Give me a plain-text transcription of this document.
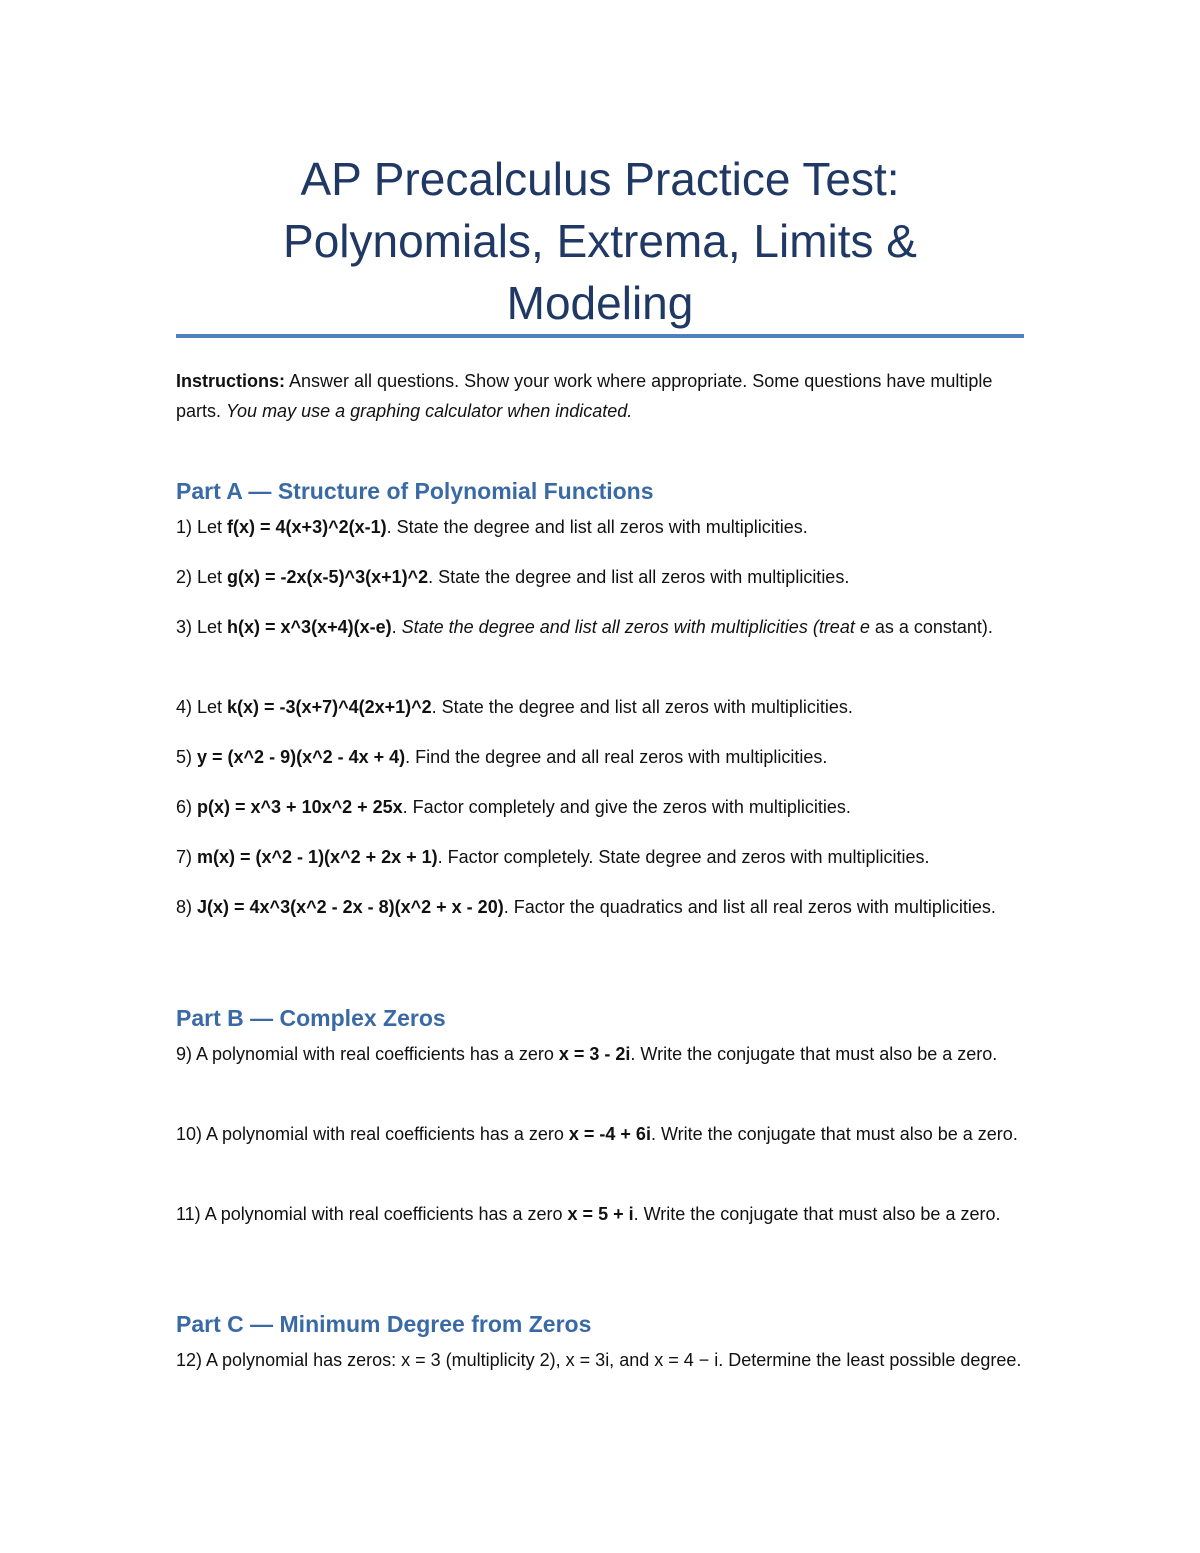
AP Precalculus Practice Test:
Polynomials, Extrema, Limits &
Modeling
Instructions: Answer all questions. Show your work where appropriate. Some questions have multiple parts. You may use a graphing calculator when indicated.
Part A — Structure of Polynomial Functions
1) Let f(x) = 4(x+3)^2(x-1). State the degree and list all zeros with multiplicities.
2) Let g(x) = -2x(x-5)^3(x+1)^2. State the degree and list all zeros with multiplicities.
3) Let h(x) = x^3(x+4)(x-e). State the degree and list all zeros with multiplicities (treat e as a constant).
4) Let k(x) = -3(x+7)^4(2x+1)^2. State the degree and list all zeros with multiplicities.
5) y = (x^2 - 9)(x^2 - 4x + 4). Find the degree and all real zeros with multiplicities.
6) p(x) = x^3 + 10x^2 + 25x. Factor completely and give the zeros with multiplicities.
7) m(x) = (x^2 - 1)(x^2 + 2x + 1). Factor completely. State degree and zeros with multiplicities.
8) J(x) = 4x^3(x^2 - 2x - 8)(x^2 + x - 20). Factor the quadratics and list all real zeros with multiplicities.
Part B — Complex Zeros
9) A polynomial with real coefficients has a zero x = 3 - 2i. Write the conjugate that must also be a zero.
10) A polynomial with real coefficients has a zero x = -4 + 6i. Write the conjugate that must also be a zero.
11) A polynomial with real coefficients has a zero x = 5 + i. Write the conjugate that must also be a zero.
Part C — Minimum Degree from Zeros
12) A polynomial has zeros: x = 3 (multiplicity 2), x = 3i, and x = 4 − i. Determine the least possible degree.
